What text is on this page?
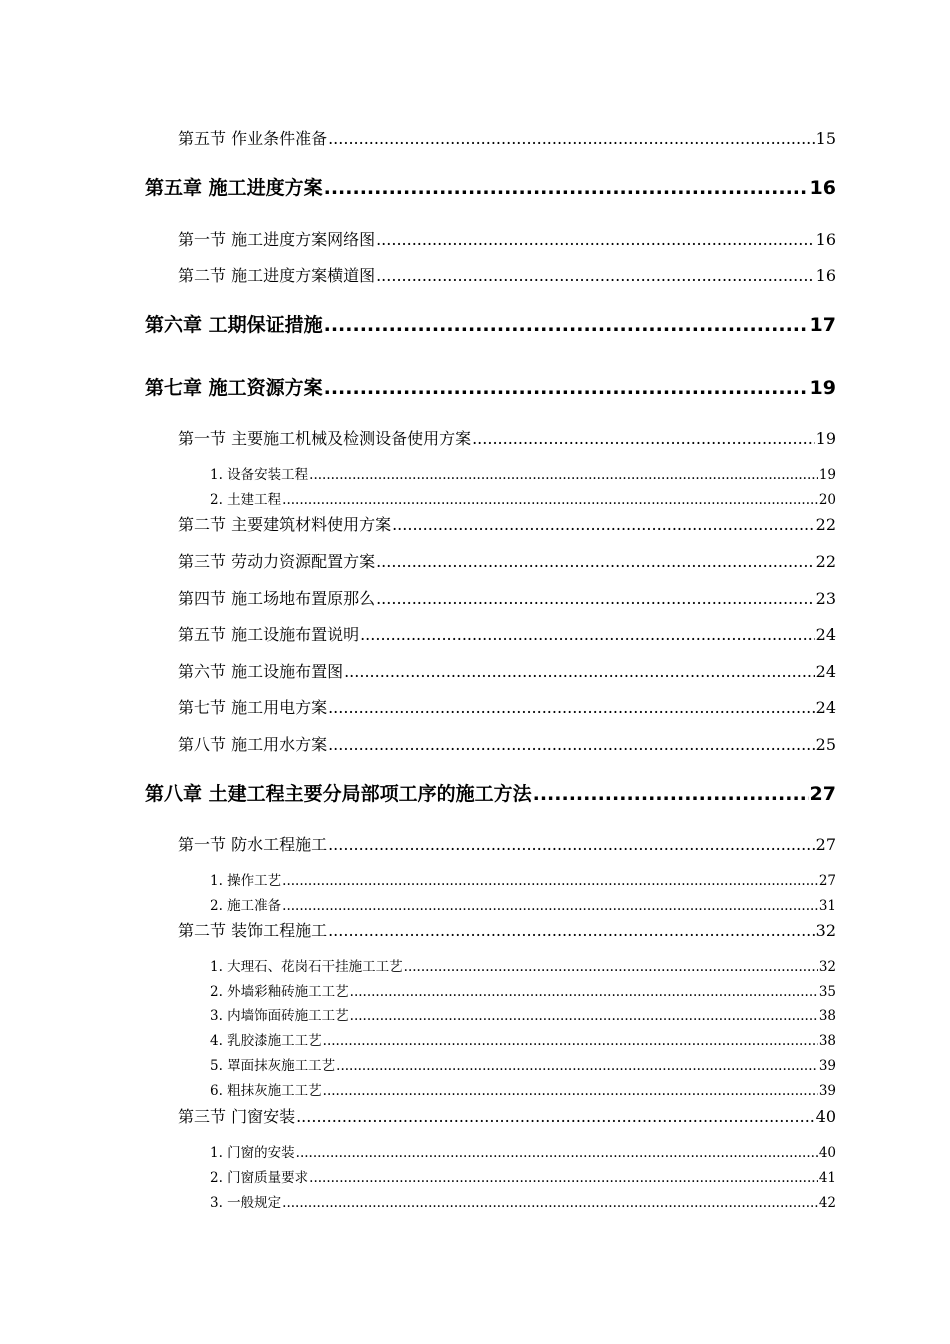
第五节 作业条件准备 .....	15
第五章 施工进度方案 .....	16
第一节 施工进度方案网络图 .....	16
第二节 施工进度方案横道图 .....	16
第六章 工期保证措施 .....	17
第七章 施工资源方案 .....	19
第一节 主要施工机械及检测设备使用方案 .....	19
1. 设备安装工程 .....	19
2. 土建工程 .....	20
第二节 主要建筑材料使用方案 .....	22
第三节 劳动力资源配置方案 .....	22
第四节 施工场地布置原那么 .....	23
第五节 施工设施布置说明 .....	24
第六节 施工设施布置图 .....	24
第七节 施工用电方案 .....	24
第八节 施工用水方案 .....	25
第八章 土建工程主要分局部项工序的施工方法 .....	27
第一节 防水工程施工 .....	27
1. 操作工艺 .....	27
2. 施工准备 .....	31
第二节 装饰工程施工 .....	32
1. 大理石、花岗石干挂施工工艺 .....	32
2. 外墙彩釉砖施工工艺 .....	35
3. 内墙饰面砖施工工艺 .....	38
4. 乳胶漆施工工艺 .....	38
5. 罩面抹灰施工工艺 .....	39
6. 粗抹灰施工工艺 .....	39
第三节 门窗安装 .....	40
1. 门窗的安装 .....	40
2. 门窗质量要求 .....	41
3. 一般规定 .....	42
